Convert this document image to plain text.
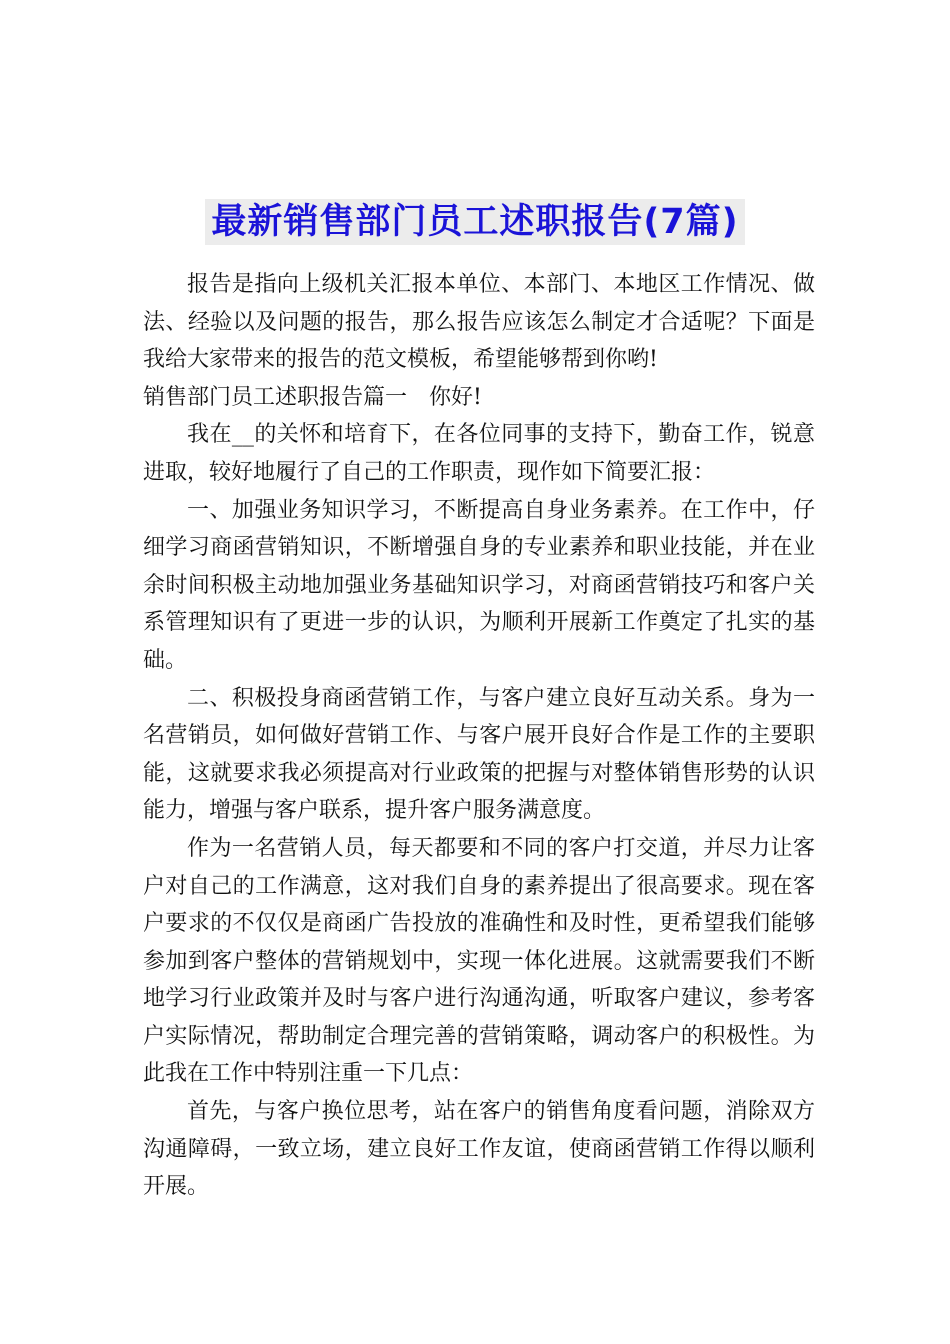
最新销售部门员工述职报告(7篇)

报告是指向上级机关汇报本单位、本部门、本地区工作情况、做法、经验以及问题的报告，那么报告应该怎么制定才合适呢？下面是我给大家带来的报告的范文模板，希望能够帮到你哟!

销售部门员工述职报告篇一　你好!

我在__的关怀和培育下，在各位同事的支持下，勤奋工作，锐意进取，较好地履行了自己的工作职责，现作如下简要汇报：

一、加强业务知识学习，不断提高自身业务素养。在工作中，仔细学习商函营销知识，不断增强自身的专业素养和职业技能，并在业余时间积极主动地加强业务基础知识学习，对商函营销技巧和客户关系管理知识有了更进一步的认识，为顺利开展新工作奠定了扎实的基础。

二、积极投身商函营销工作，与客户建立良好互动关系。身为一名营销员，如何做好营销工作、与客户展开良好合作是工作的主要职能，这就要求我必须提高对行业政策的把握与对整体销售形势的认识能力，增强与客户联系，提升客户服务满意度。

作为一名营销人员，每天都要和不同的客户打交道，并尽力让客户对自己的工作满意，这对我们自身的素养提出了很高要求。现在客户要求的不仅仅是商函广告投放的准确性和及时性，更希望我们能够参加到客户整体的营销规划中，实现一体化进展。这就需要我们不断地学习行业政策并及时与客户进行沟通沟通，听取客户建议，参考客户实际情况，帮助制定合理完善的营销策略，调动客户的积极性。为此我在工作中特别注重一下几点：

首先，与客户换位思考，站在客户的销售角度看问题，消除双方沟通障碍，一致立场，建立良好工作友谊，使商函营销工作得以顺利开展。
